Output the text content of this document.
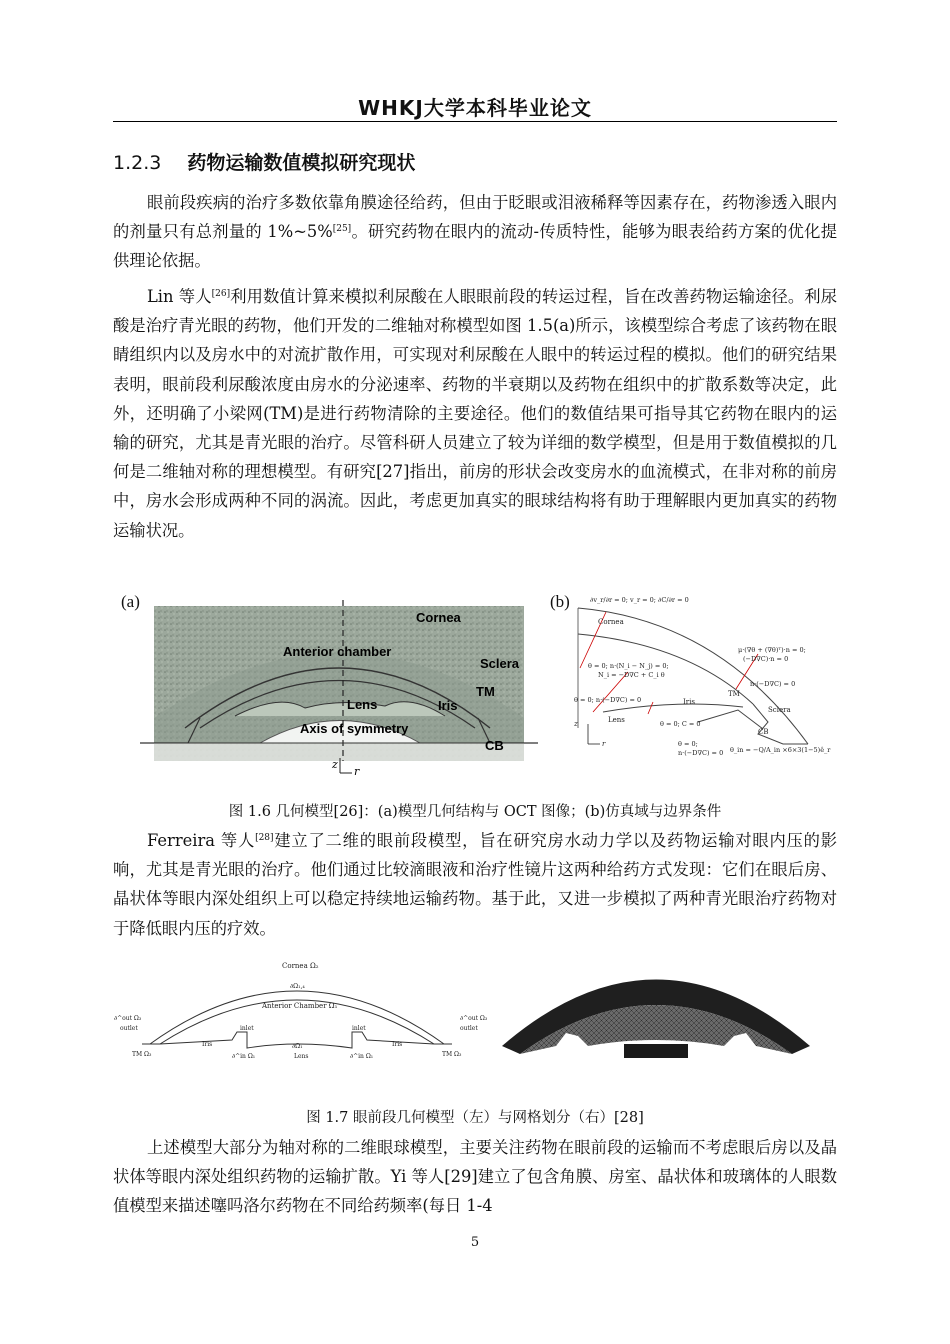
WHKJ大学本科毕业论文
1.2.3 药物运输数值模拟研究现状

眼前段疾病的治疗多数依靠角膜途径给药，但由于眨眼或泪液稀释等因素存在，药物渗透入眼内的剂量只有总剂量的 1%~5%[25]。研究药物在眼内的流动-传质特性，能够为眼表给药方案的优化提供理论依据。

Lin 等人[26]利用数值计算来模拟利尿酸在人眼眼前段的转运过程，旨在改善药物运输途径。利尿酸是治疗青光眼的药物，他们开发的二维轴对称模型如图 1.5(a)所示，该模型综合考虑了该药物在眼睛组织内以及房水中的对流扩散作用，可实现对利尿酸在人眼中的转运过程的模拟。他们的研究结果表明，眼前段利尿酸浓度由房水的分泌速率、药物的半衰期以及药物在组织中的扩散系数等决定，此外，还明确了小梁网(TM)是进行药物清除的主要途径。他们的数值结果可指导其它药物在眼内的运输的研究，尤其是青光眼的治疗。尽管科研人员建立了较为详细的数学模型，但是用于数值模拟的几何是二维轴对称的理想模型。有研究[27]指出，前房的形状会改变房水的血流模式，在非对称的前房中，房水会形成两种不同的涡流。因此，考虑更加真实的眼球结构将有助于理解眼内更加真实的药物运输状况。

(a)	(b)
Cornea
Anterior chamber
Sclera
TM
Lens	Iris
Axis of symmetry
CB
z
r
∂v_r/∂r = 0; v_r = 0; ∂C/∂r = 0
Cornea
θ = 0; n·(N_i − N_j) = 0;
N_i = −D∇C + C_i θ
μ·(∇θ + (∇θ)ᵀ)·n = 0;
(−D∇C)·n = 0
θ = 0; n·(−D∇C) = 0
n·(−D∇C) = 0
θ = 0; C = 0
θ = 0;
n·(−D∇C) = 0 θ_in = −Q/A_in ×6×3(1−5)ê_r
TM
Iris
Lens
Sclera
CB
z
r
图 1.6 几何模型[26]：(a)模型几何结构与 OCT 图像；(b)仿真域与边界条件

Ferreira 等人[28]建立了二维的眼前段模型，旨在研究房水动力学以及药物运输对眼内压的影响，尤其是青光眼的治疗。他们通过比较滴眼液和治疗性镜片这两种给药方式发现：它们在眼后房、晶状体等眼内深处组织上可以稳定持续地运输药物。基于此，又进一步模拟了两种青光眼治疗药物对于降低眼内压的疗效。

Cornea Ω₂
∂Ω₁,₄
Anterior Chamber Ω₁
∂^out Ω₃
outlet
∂^out Ω₃
outlet
TM Ω₃	TM Ω₃
Iris	Iris
inlet	inlet
∂^in Ω₁	∂^in Ω₁
∂Ω₁
Lens
图 1.7 眼前段几何模型（左）与网格划分（右）[28]

上述模型大部分为轴对称的二维眼球模型，主要关注药物在眼前段的运输而不考虑眼后房以及晶状体等眼内深处组织药物的运输扩散。Yi 等人[29]建立了包含角膜、房室、晶状体和玻璃体的人眼数值模型来描述噻吗洛尔药物在不同给药频率(每日 1-4

5
